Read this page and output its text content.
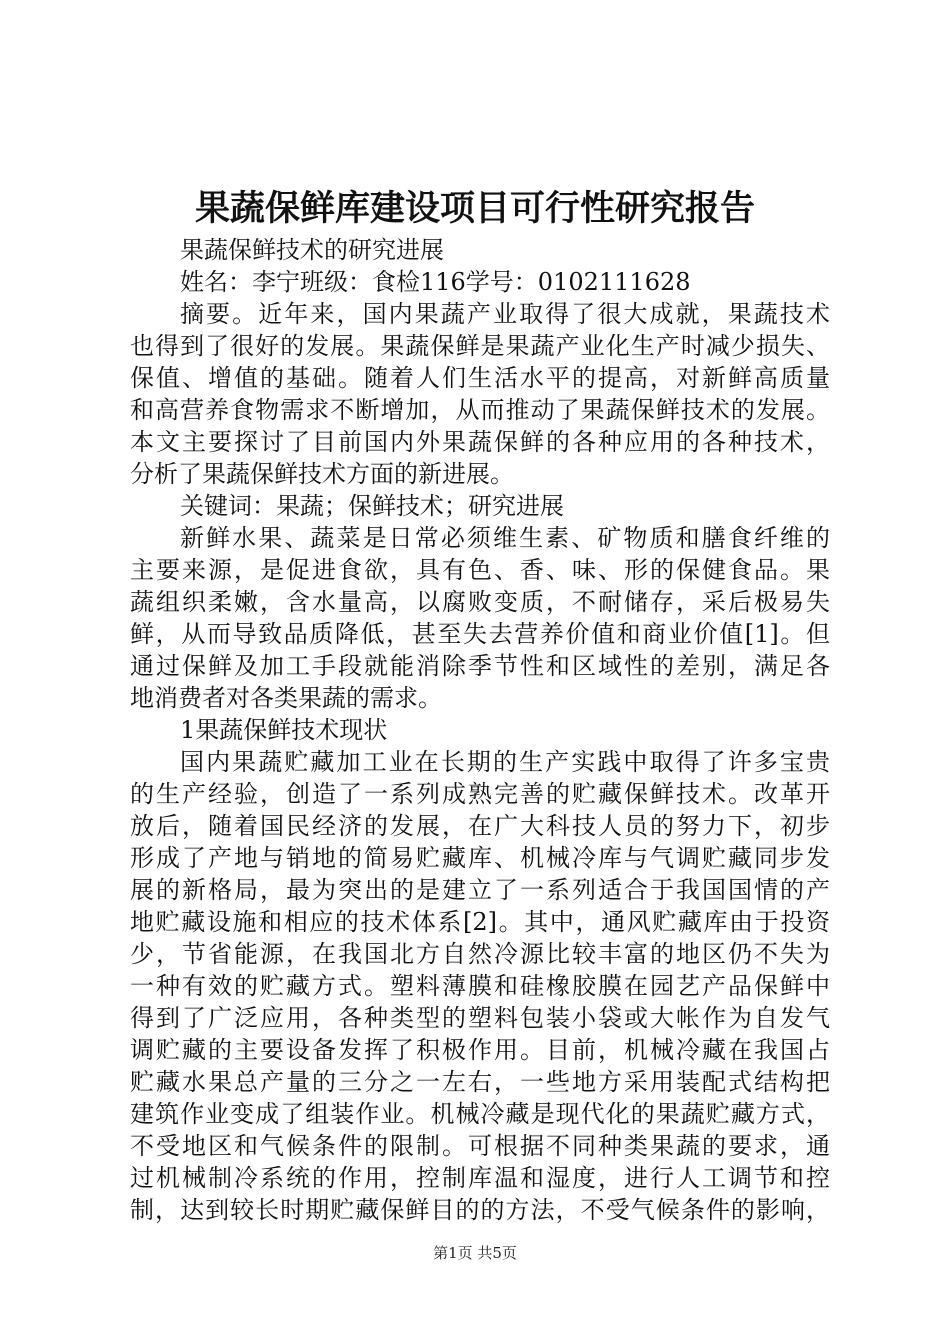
果蔬保鲜库建设项目可行性研究报告
果蔬保鲜技术的研究进展
姓名：李宁班级：食检116学号：0102111628
摘要。近年来，国内果蔬产业取得了很大成就，果蔬技术
也得到了很好的发展。果蔬保鲜是果蔬产业化生产时减少损失、
保值、增值的基础。随着人们生活水平的提高，对新鲜高质量
和高营养食物需求不断增加，从而推动了果蔬保鲜技术的发展。
本文主要探讨了目前国内外果蔬保鲜的各种应用的各种技术，
分析了果蔬保鲜技术方面的新进展。
关键词：果蔬；保鲜技术；研究进展
新鲜水果、蔬菜是日常必须维生素、矿物质和膳食纤维的
主要来源，是促进食欲，具有色、香、味、形的保健食品。果
蔬组织柔嫩，含水量高，以腐败变质，不耐储存，采后极易失
鲜，从而导致品质降低，甚至失去营养价值和商业价值[1]。但
通过保鲜及加工手段就能消除季节性和区域性的差别，满足各
地消费者对各类果蔬的需求。
1果蔬保鲜技术现状
国内果蔬贮藏加工业在长期的生产实践中取得了许多宝贵
的生产经验，创造了一系列成熟完善的贮藏保鲜技术。改革开
放后，随着国民经济的发展，在广大科技人员的努力下，初步
形成了产地与销地的简易贮藏库、机械冷库与气调贮藏同步发
展的新格局，最为突出的是建立了一系列适合于我国国情的产
地贮藏设施和相应的技术体系[2]。其中，通风贮藏库由于投资
少，节省能源，在我国北方自然冷源比较丰富的地区仍不失为
一种有效的贮藏方式。塑料薄膜和硅橡胶膜在园艺产品保鲜中
得到了广泛应用，各种类型的塑料包装小袋或大帐作为自发气
调贮藏的主要设备发挥了积极作用。目前，机械冷藏在我国占
贮藏水果总产量的三分之一左右，一些地方采用装配式结构把
建筑作业变成了组装作业。机械冷藏是现代化的果蔬贮藏方式，
不受地区和气候条件的限制。可根据不同种类果蔬的要求，通
过机械制冷系统的作用，控制库温和湿度，进行人工调节和控
制，达到较长时期贮藏保鲜目的的方法，不受气候条件的影响，
第1页 共5页
